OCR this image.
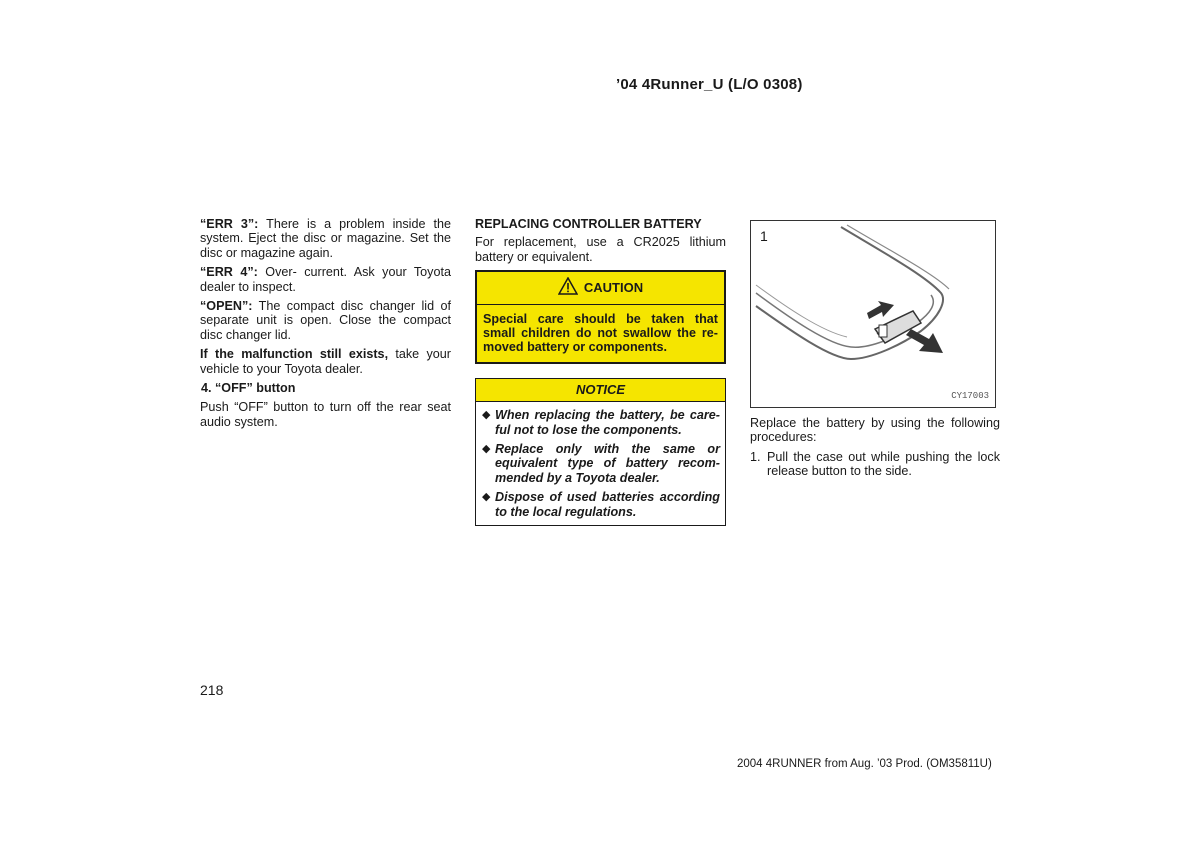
’04 4Runner_U (L/O 0308)

“ERR 3”: There is a problem inside the system. Eject the disc or magazine. Set the disc or magazine again.

“ERR 4”: Over- current. Ask your Toyota dealer to inspect.

“OPEN”: The compact disc changer lid of separate unit is open. Close the compact disc changer lid.

If the malfunction still exists, take your vehicle to your Toyota dealer.

4. “OFF” button

Push “OFF” button to turn off the rear seat audio system.

REPLACING CONTROLLER BATTERY

For replacement, use a CR2025 lithium battery or equivalent.

CAUTION
Special care should be taken that small children do not swallow the re- moved battery or components.
NOTICE
◆ When replacing the battery, be care- ful not to lose the components.
◆ Replace only with the same or equivalent type of battery recom- mended by a Toyota dealer.
◆ Dispose of used batteries according to the local regulations.
1
CY17003

Replace the battery by using the following procedures:

1. Pull the case out while pushing the lock release button to the side.
218
2004 4RUNNER from Aug. ’03 Prod. (OM35811U)
